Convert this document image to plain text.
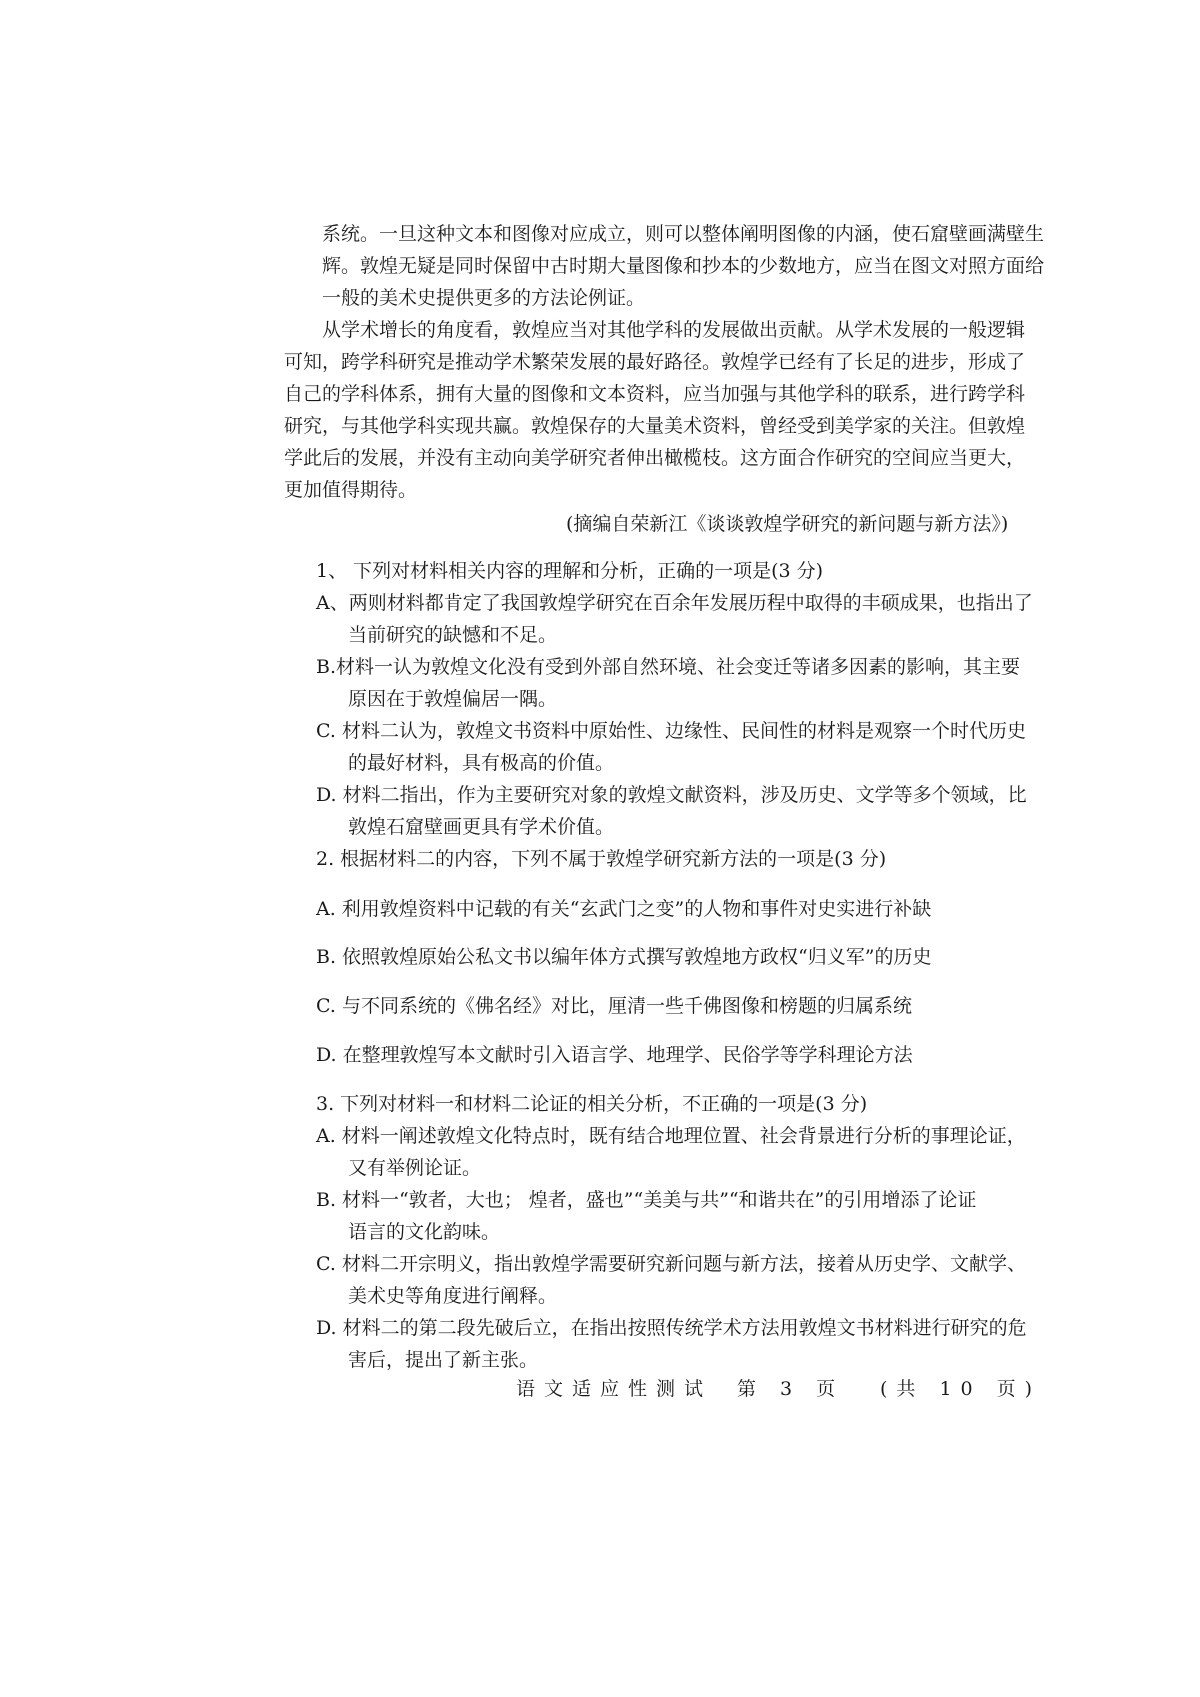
系统。一旦这种文本和图像对应成立，则可以整体阐明图像的内涵，使石窟壁画满壁生
辉。敦煌无疑是同时保留中古时期大量图像和抄本的少数地方，应当在图文对照方面给
一般的美术史提供更多的方法论例证。
从学术增长的角度看，敦煌应当对其他学科的发展做出贡献。从学术发展的一般逻辑
可知，跨学科研究是推动学术繁荣发展的最好路径。敦煌学已经有了长足的进步，形成了
自己的学科体系，拥有大量的图像和文本资料，应当加强与其他学科的联系，进行跨学科
研究，与其他学科实现共赢。敦煌保存的大量美术资料，曾经受到美学家的关注。但敦煌
学此后的发展，并没有主动向美学研究者伸出橄榄枝。这方面合作研究的空间应当更大，
更加值得期待。
(摘编自荣新江《谈谈敦煌学研究的新问题与新方法》)
1、 下列对材料相关内容的理解和分析，正确的一项是(3 分)
A、两则材料都肯定了我国敦煌学研究在百余年发展历程中取得的丰硕成果，也指出了
当前研究的缺憾和不足。
B.材料一认为敦煌文化没有受到外部自然环境、社会变迁等诸多因素的影响，其主要
原因在于敦煌偏居一隅。
C. 材料二认为，敦煌文书资料中原始性、边缘性、民间性的材料是观察一个时代历史
的最好材料，具有极高的价值。
D. 材料二指出，作为主要研究对象的敦煌文献资料，涉及历史、文学等多个领域，比
敦煌石窟壁画更具有学术价值。
2. 根据材料二的内容，下列不属于敦煌学研究新方法的一项是(3 分)
A. 利用敦煌资料中记载的有关“玄武门之变”的人物和事件对史实进行补缺
B. 依照敦煌原始公私文书以编年体方式撰写敦煌地方政权“归义军”的历史
C. 与不同系统的《佛名经》对比，厘清一些千佛图像和榜题的归属系统
D. 在整理敦煌写本文献时引入语言学、地理学、民俗学等学科理论方法
3. 下列对材料一和材料二论证的相关分析，不正确的一项是(3 分)
A. 材料一阐述敦煌文化特点时，既有结合地理位置、社会背景进行分析的事理论证，
又有举例论证。
B. 材料一“敦者，大也； 煌者，盛也”“美美与共”“和谐共在”的引用增添了论证
语言的文化韵味。
C. 材料二开宗明义，指出敦煌学需要研究新问题与新方法，接着从历史学、文献学、
美术史等角度进行阐释。
D. 材料二的第二段先破后立，在指出按照传统学术方法用敦煌文书材料进行研究的危
害后，提出了新主张。
语文适应性测试 第 3 页 (共 10 页)
